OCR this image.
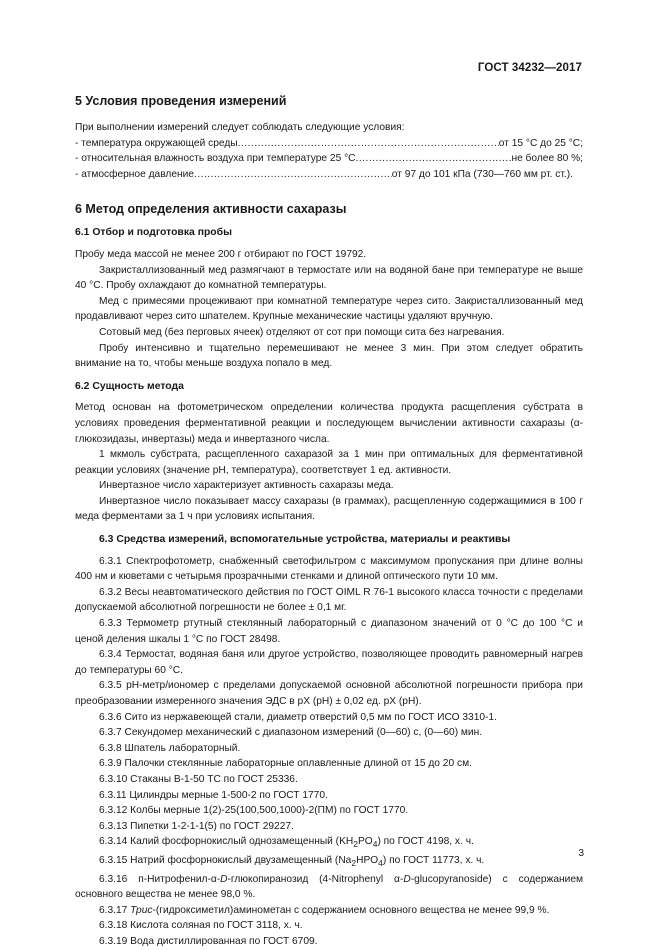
ГОСТ 34232—2017
5 Условия проведения измерений

При выполнении измерений следует соблюдать следующие условия:

- температура окружающей среды .....	от 15 °С до 25 °С;
- относительная влажность воздуха при температуре 25 °С .....	не более 80 %;
- атмосферное давление .....	от 97 до 101 кПа (730—760 мм рт. ст.).
6 Метод определения активности сахаразы
6.1 Отбор и подготовка пробы

Пробу меда массой не менее 200 г отбирают по ГОСТ 19792.

Закристаллизованный мед размягчают в термостате или на водяной бане при температуре не выше 40 °С. Пробу охлаждают до комнатной температуры.

Мед с примесями процеживают при комнатной температуре через сито. Закристаллизованный мед продавливают через сито шпателем. Крупные механические частицы удаляют вручную.

Сотовый мед (без перговых ячеек) отделяют от сот при помощи сита без нагревания.

Пробу интенсивно и тщательно перемешивают не менее 3 мин. При этом следует обратить внимание на то, чтобы меньше воздуха попало в мед.

6.2 Сущность метода

Метод основан на фотометрическом определении количества продукта расщепления субстрата в условиях проведения ферментативной реакции и последующем вычислении активности сахаразы (α-глюкозидазы, инвертазы) меда и инвертазного числа.

1 мкмоль субстрата, расщепленного сахаразой за 1 мин при оптимальных для ферментативной реакции условиях (значение рН, температура), соответствует 1 ед. активности.

Инвертазное число характеризует активность сахаразы меда.

Инвертазное число показывает массу сахаразы (в граммах), расщепленную содержащимися в 100 г меда ферментами за 1 ч при условиях испытания.

6.3 Средства измерений, вспомогательные устройства, материалы и реактивы

6.3.1 Спектрофотометр, снабженный светофильтром с максимумом пропускания при длине волны 400 нм и кюветами с четырьмя прозрачными стенками и длиной оптического пути 10 мм.

6.3.2 Весы неавтоматического действия по ГОСТ OIML R 76-1 высокого класса точности с пределами допускаемой абсолютной погрешности не более ± 0,1 мг.

6.3.3 Термометр ртутный стеклянный лабораторный с диапазоном значений от 0 °С до 100 °С и ценой деления шкалы 1 °С по ГОСТ 28498.

6.3.4 Термостат, водяная баня или другое устройство, позволяющее проводить равномерный нагрев до температуры 60 °С.

6.3.5 pH-метр/иономер с пределами допускаемой основной абсолютной погрешности прибора при преобразовании измеренного значения ЭДС в рХ (рН) ± 0,02 ед. рХ (рН).

6.3.6 Сито из нержавеющей стали, диаметр отверстий 0,5 мм по ГОСТ ИСО 3310-1.

6.3.7 Секундомер механический с диапазоном измерений (0—60) с, (0—60) мин.

6.3.8 Шпатель лабораторный.

6.3.9 Палочки стеклянные лабораторные оплавленные длиной от 15 до 20 см.

6.3.10 Стаканы В-1-50 ТС по ГОСТ 25336.

6.3.11 Цилиндры мерные 1-500-2 по ГОСТ 1770.

6.3.12 Колбы мерные 1(2)-25(100,500,1000)-2(ПМ) по ГОСТ 1770.

6.3.13 Пипетки 1-2-1-1(5) по ГОСТ 29227.

6.3.14 Калий фосфорнокислый однозамещенный $(KH_2PO_4)$ по ГОСТ 4198, х. ч.

6.3.15 Натрий фосфорнокислый двузамещенный $(Na_2HPO_4)$ по ГОСТ 11773, х. ч.

6.3.16 п-Нитрофенил-α-D-глюкопиранозид (4-Nitrophenyl α-D-glucopyranoside) с содержанием основного вещества не менее 98,0 %.

6.3.17 Трис-(гидроксиметил)аминометан с содержанием основного вещества не менее 99,9 %.

6.3.18 Кислота соляная по ГОСТ 3118, х. ч.

6.3.19 Вода дистиллированная по ГОСТ 6709.

3
